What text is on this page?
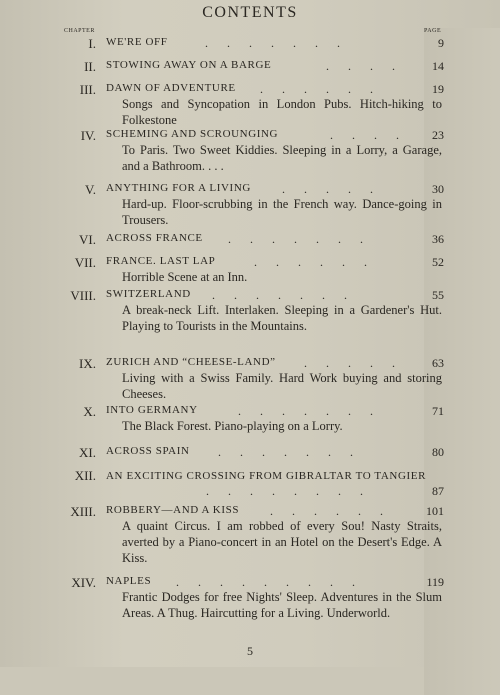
CONTENTS
CHAPTER	PAGE
I. WE'RE OFF	. . . . . . .	9
II. STOWING AWAY ON A BARGE	. . . .	14
III. DAWN OF ADVENTURE . . . . . .	19
Songs and Syncopation in London Pubs. Hitch-hiking to Folkestone
IV. SCHEMING AND SCROUNGING	. . . .	23
To Paris. Two Sweet Kiddies. Sleeping in a Lorry, a Garage, and a Bathroom. . . .
V. ANYTHING FOR A LIVING	. . . . .	30
Hard-up. Floor-scrubbing in the French way. Dance-going in Trousers.
VI. ACROSS FRANCE . . . . . . .	36
VII. FRANCE. LAST LAP	. . . . . .	52
Horrible Scene at an Inn.
VIII. SWITZERLAND . . . . . . .	55
A break-neck Lift. Interlaken. Sleeping in a Gardener's Hut. Playing to Tourists in the Mountains.
IX. ZURICH AND “CHEESE-LAND” . . . . .	63
Living with a Swiss Family. Hard Work buying and storing Cheeses.
X. INTO GERMANY	. . . . . . .	71
The Black Forest. Piano-playing on a Lorry.
XI. ACROSS SPAIN . . . . . . .	80
XII. AN EXCITING CROSSING FROM GIBRALTAR TO TANGIER
. . . . . . . .	87
XIII. ROBBERY—AND A KISS	. . . . . .	101
A quaint Circus. I am robbed of every Sou! Nasty Straits, averted by a Piano-concert in an Hotel on the Desert's Edge. A Kiss.
XIV. NAPLES . . . . . . . . .	119
Frantic Dodges for free Nights' Sleep. Adventures in the Slum Areas. A Thug. Haircutting for a Living. Underworld.
5
